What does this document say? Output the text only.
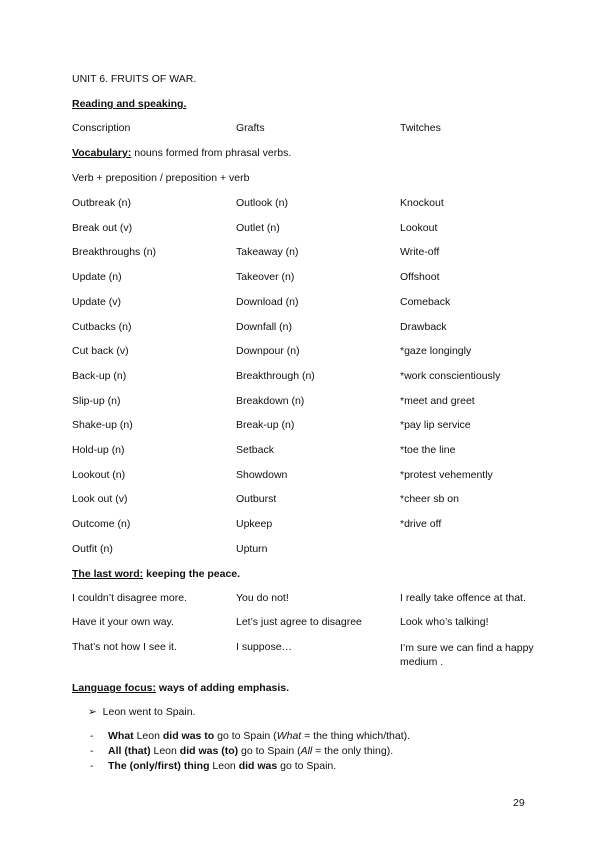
UNIT 6. FRUITS OF WAR.
Reading and speaking.
Conscription	Grafts	Twitches
Vocabulary: nouns formed from phrasal verbs.
Verb + preposition / preposition + verb
Outbreak (n)	Outlook (n)	Knockout
Break out (v)	Outlet (n)	Lookout
Breakthroughs (n)	Takeaway (n)	Write-off
Update (n)	Takeover (n)	Offshoot
Update (v)	Download (n)	Comeback
Cutbacks (n)	Downfall (n)	Drawback
Cut back (v)	Downpour (n)	*gaze longingly
Back-up (n)	Breakthrough (n)	*work conscientiously
Slip-up (n)	Breakdown (n)	*meet and greet
Shake-up (n)	Break-up (n)	*pay lip service
Hold-up (n)	Setback	*toe the line
Lookout (n)	Showdown	*protest vehemently
Look out (v)	Outburst	*cheer sb on
Outcome (n)	Upkeep	*drive off
Outfit (n)	Upturn
The last word: keeping the peace.
I couldn’t disagree more.	You do not!	I really take offence at that.
Have it your own way.	Let’s just agree to disagree	Look who’s talking!
That’s not how I see it.	I suppose…	I’m sure we can find a happy medium .
Language focus: ways of adding emphasis.
➢ Leon went to Spain.
- What Leon did was to go to Spain (What = the thing which/that).
- All (that) Leon did was (to) go to Spain (All = the only thing).
- The (only/first) thing Leon did was go to Spain.
29
